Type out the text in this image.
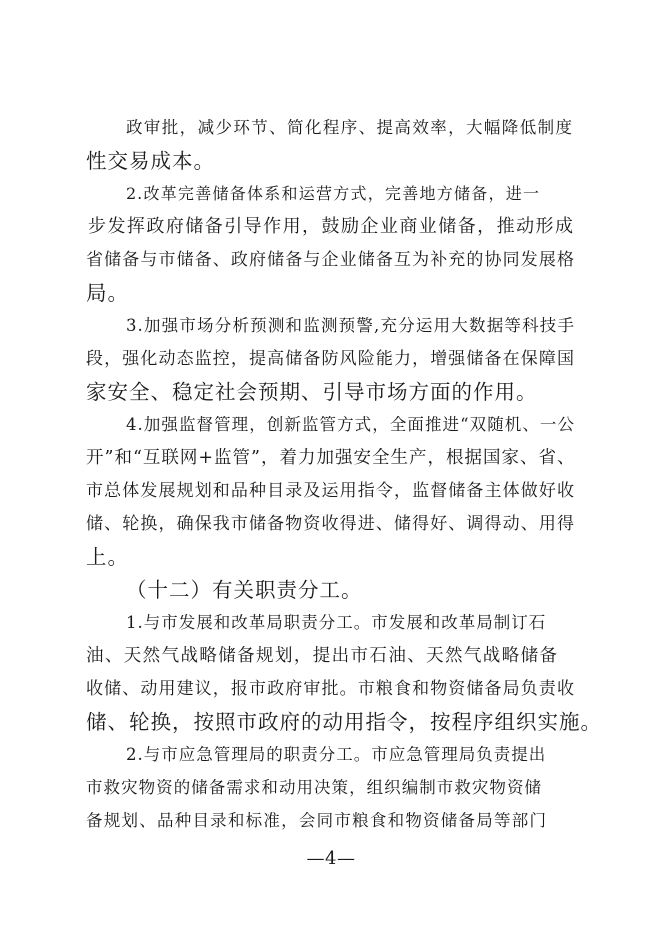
政审批，减少环节、简化程序、提高效率，大幅降低制度

性交易成本。

2.改革完善储备体系和运营方式，完善地方储备，进一

步发挥政府储备引导作用，鼓励企业商业储备，推动形成

省储备与市储备、政府储备与企业储备互为补充的协同发展格

局。

3.加强市场分析预测和监测预警,充分运用大数据等科技手

段，强化动态监控，提高储备防风险能力，增强储备在保障国

家安全、稳定社会预期、引导市场方面的作用。

4.加强监督管理，创新监管方式，全面推进“双随机、一公

开”和“互联网+监管”，着力加强安全生产，根据国家、省、

市总体发展规划和品种目录及运用指令，监督储备主体做好收

储、轮换，确保我市储备物资收得进、储得好、调得动、用得

上。

（十二）有关职责分工。

1.与市发展和改革局职责分工。市发展和改革局制订石

油、天然气战略储备规划，提出市石油、天然气战略储备

收储、动用建议，报市政府审批。市粮食和物资储备局负责收

储、轮换，按照市政府的动用指令，按程序组织实施。

2.与市应急管理局的职责分工。市应急管理局负责提出

市救灾物资的储备需求和动用决策，组织编制市救灾物资储

备规划、品种目录和标准，会同市粮食和物资储备局等部门

—4—
